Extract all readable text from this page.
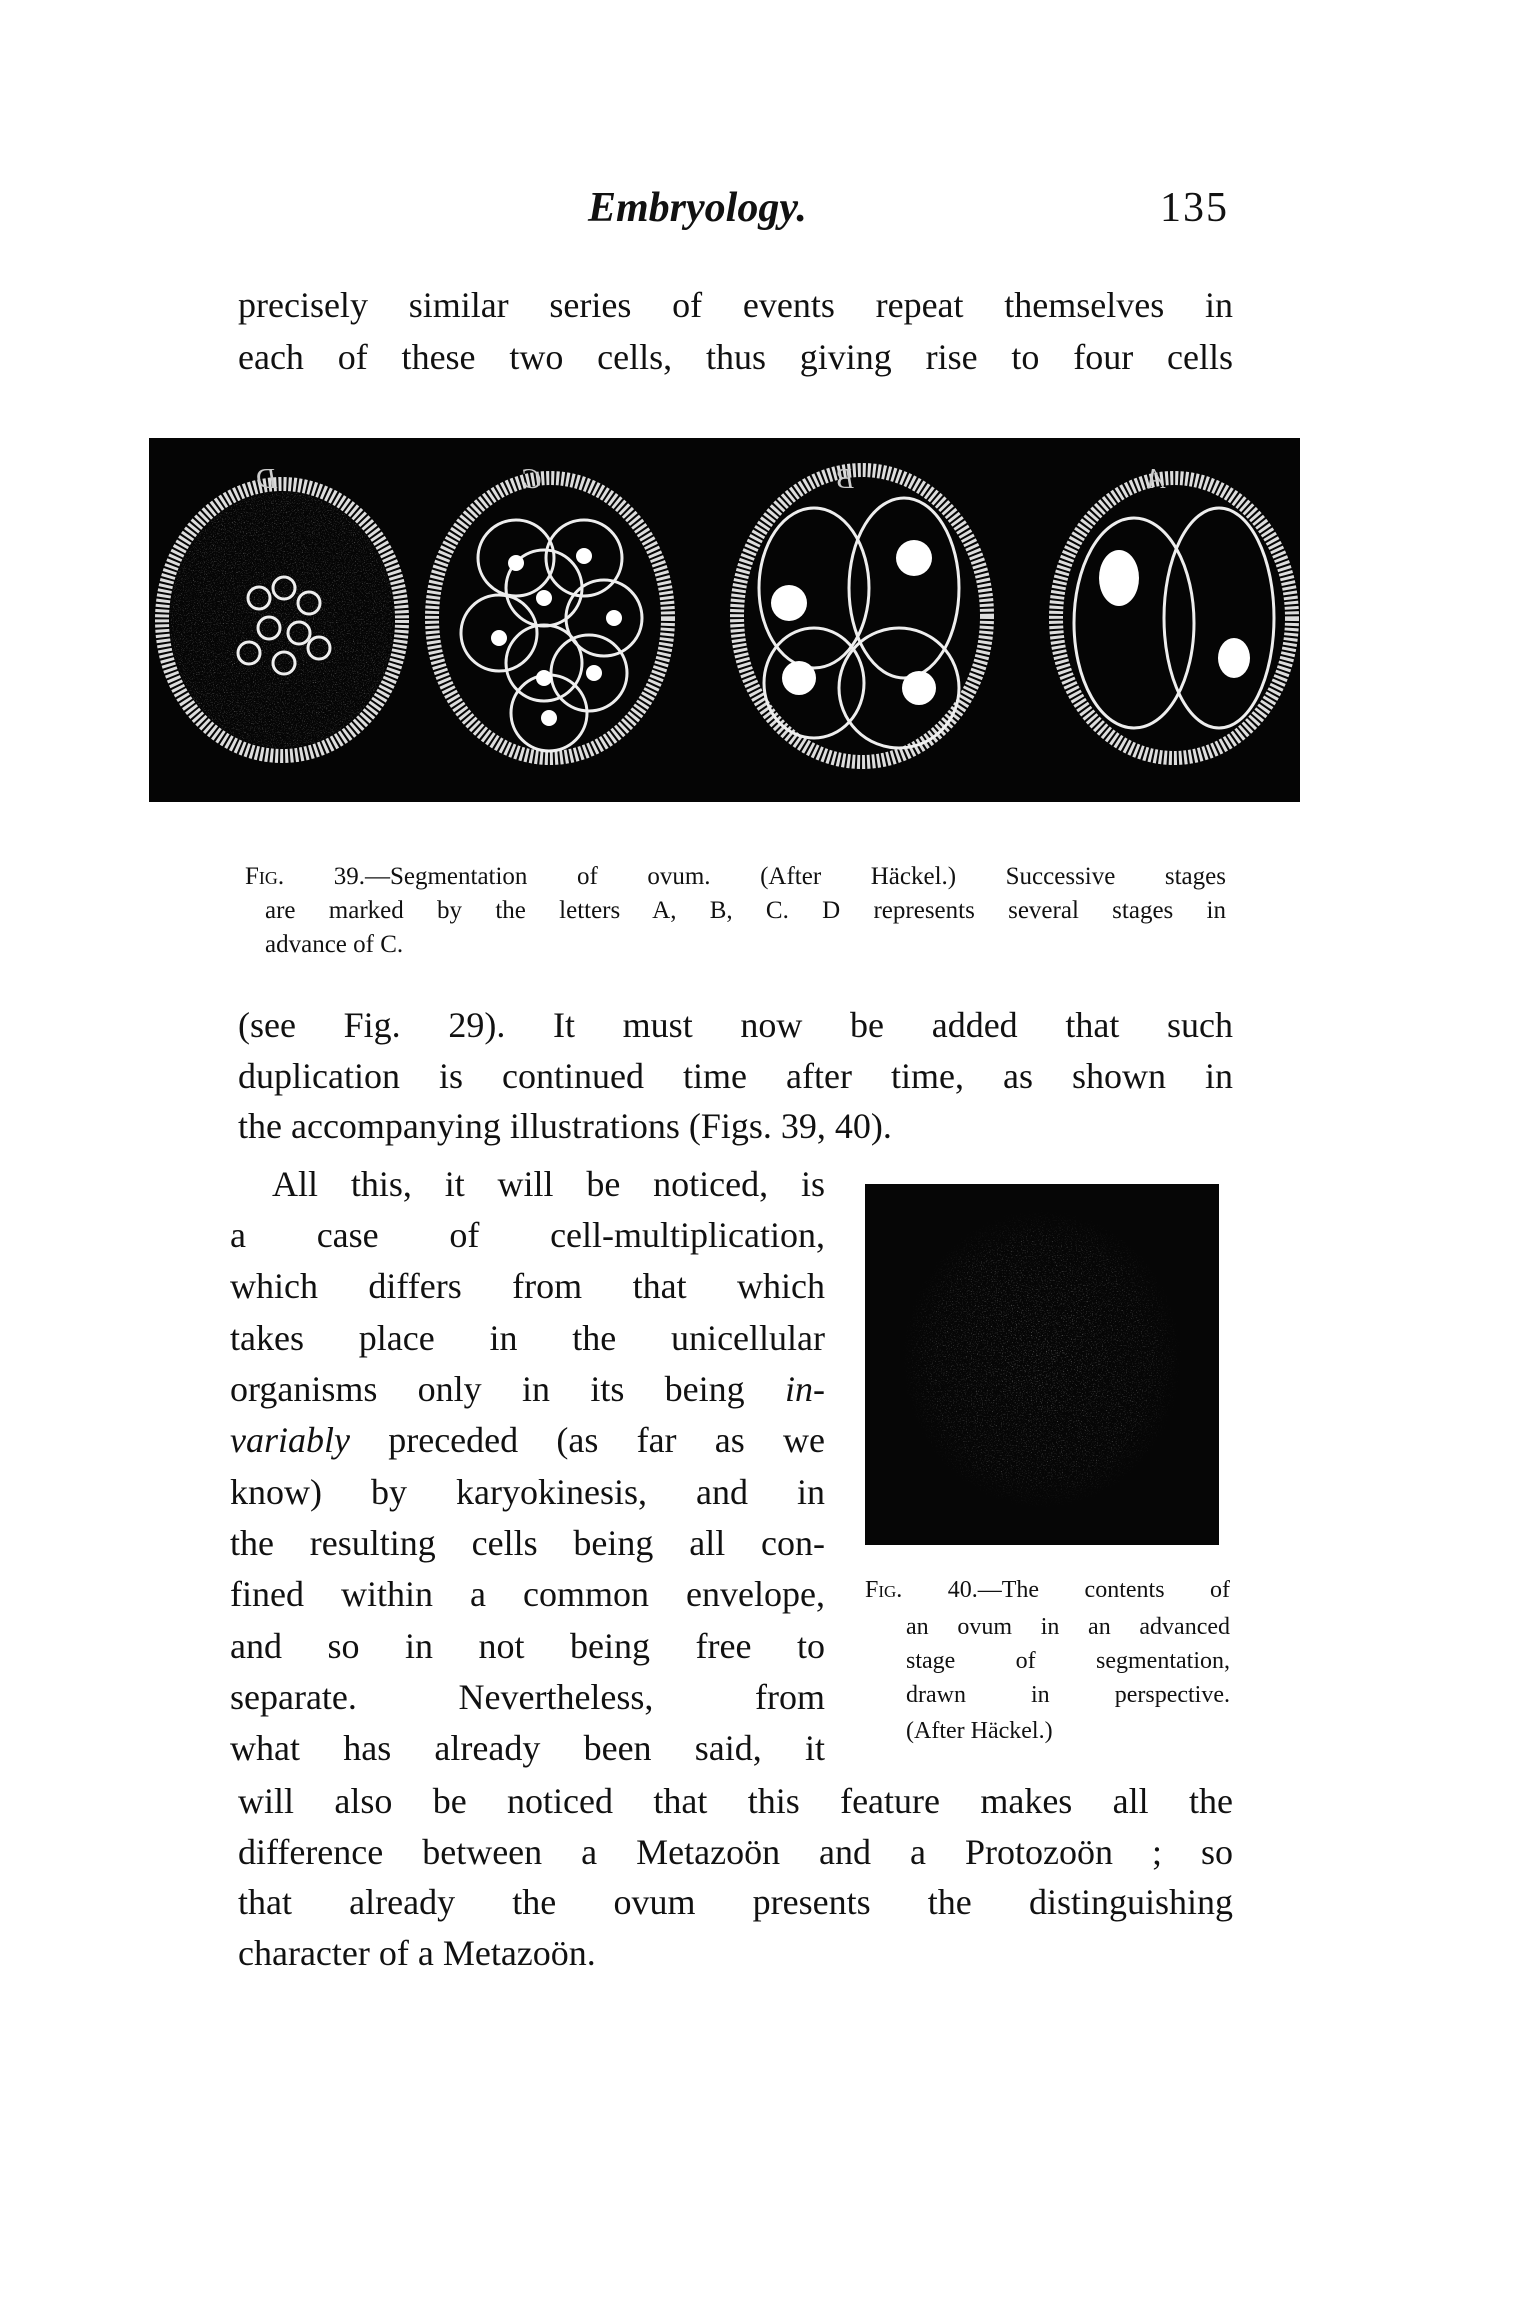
Embryology.	135
precisely similar series of events repeat themselves in
each of these two cells, thus giving rise to four cells
D	C	B	A
Fig. 39.—Segmentation of ovum. (After Häckel.) Successive stages
are marked by the letters A, B, C. D represents several stages in
advance of C.
(see Fig. 29). It must now be added that such
duplication is continued time after time, as shown in
the accompanying illustrations (Figs. 39, 40).
All this, it will be noticed, is
a case of cell-multiplication,
which differs from that which
takes place in the unicellular
organisms only in its being in-
variably preceded (as far as we
know) by karyokinesis, and in
the resulting cells being all con-
fined within a common envelope,
and so in not being free to
separate. Nevertheless, from
what has already been said, it
Fig. 40.—The contents of
an ovum in an advanced
stage of segmentation,
drawn in perspective.
(After Häckel.)
will also be noticed that this feature makes all the
difference between a Metazoön and a Protozoön ; so
that already the ovum presents the distinguishing
character of a Metazoön.
